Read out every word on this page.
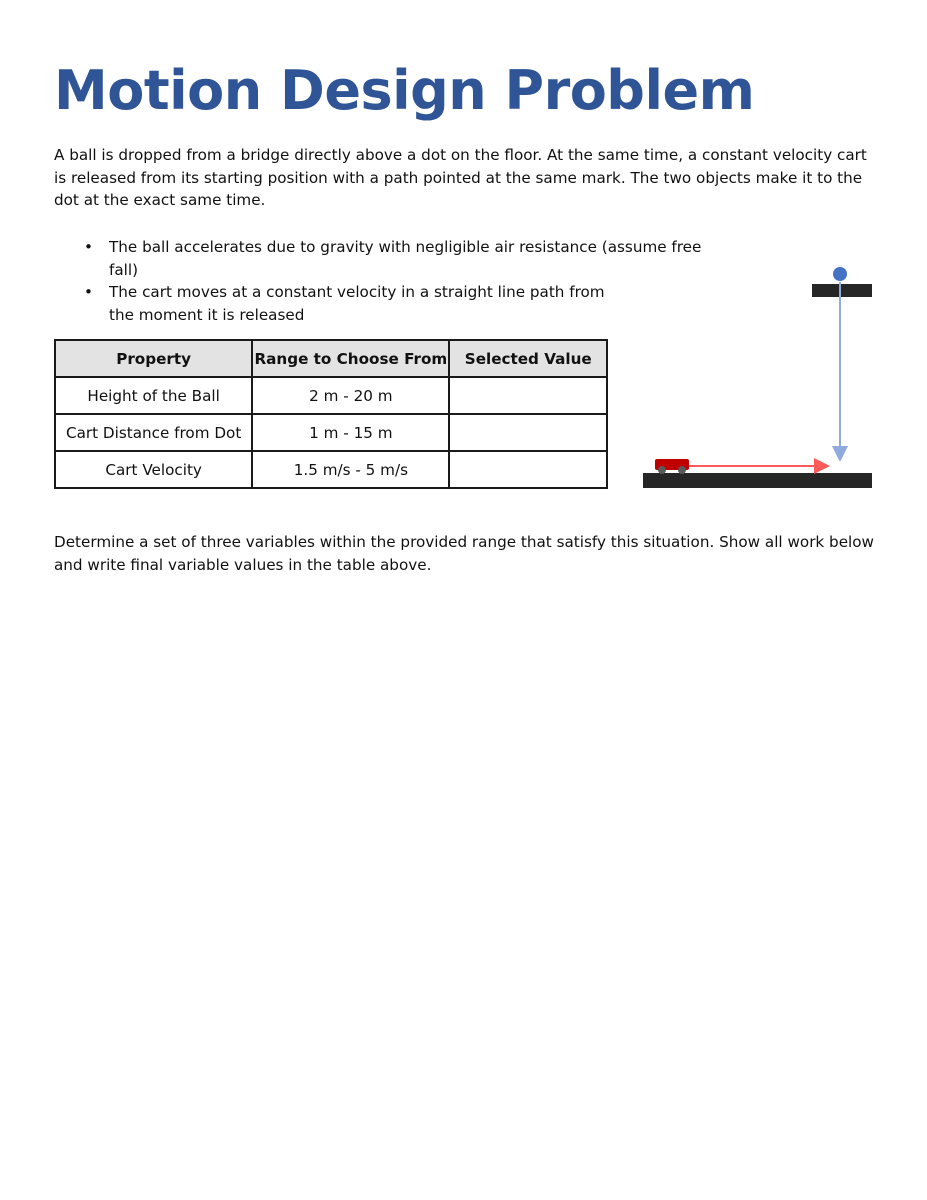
Motion Design Problem

A ball is dropped from a bridge directly above a dot on the floor. At the same time, a constant velocity cart is released from its starting position with a path pointed at the same mark. The two objects make it to the dot at the exact same time.

• The ball accelerates due to gravity with negligible air resistance (assume free fall)
• The cart moves at a constant velocity in a straight line path from the moment it is released
Property	Range to Choose From	Selected Value
Height of the Ball	2 m - 20 m	
Cart Distance from Dot	1 m - 15 m	
Cart Velocity	1.5 m/s - 5 m/s	

Determine a set of three variables within the provided range that satisfy this situation. Show all work below and write final variable values in the table above.
